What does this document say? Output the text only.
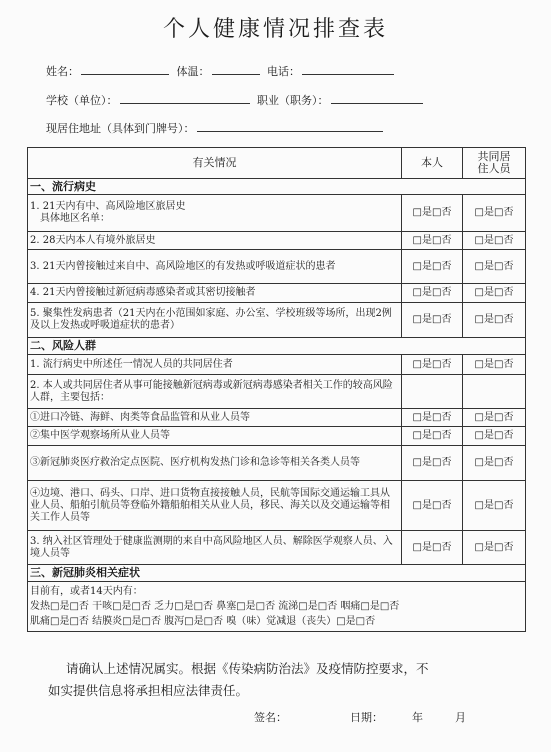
个人健康情况排查表
姓名：	体温：	电话：
学校（单位）：	职业（职务）：
现居住地址（具体到门牌号）：
有关情况	本人	共同居
住人员

一、流行病史		

1. 21天内有中、高风险地区旅居史
具体地区名单：	□是□否	□是□否
2. 28天内本人有境外旅居史	□是□否	□是□否
3. 21天内曾接触过来自中、高风险地区的有发热或呼吸道症状的患者	□是□否	□是□否
4. 21天内曾接触过新冠病毒感染者或其密切接触者	□是□否	□是□否
5. 聚集性发病患者（21天内在小范围如家庭、办公室、学校班级等场所，出现2例及以上发热或呼吸道症状的患者）	□是□否	□是□否
二、风险人群		
1. 流行病史中所述任一情况人员的共同居住者	□是□否	□是□否
2. 本人或共同居住者从事可能接触新冠病毒或新冠病毒感染者相关工作的较高风险人群，主要包括：		
①进口冷链、海鲜、肉类等食品监管和从业人员等	□是□否	□是□否
②集中医学观察场所从业人员等	□是□否	□是□否
③新冠肺炎医疗救治定点医院、医疗机构发热门诊和急诊等相关各类人员等	□是□否	□是□否
④边境、港口、码头、口岸、进口货物直接接触人员，民航等国际交通运输工具从业人员、船舶引航员等登临外籍船舶相关从业人员，移民、海关以及交通运输等相关工作人员等	□是□否	□是□否
3. 纳入社区管理处于健康监测期的来自中高风险地区人员、解除医学观察人员、入境人员等	□是□否	□是□否
三、新冠肺炎相关症状		

目前有，或者14天内有：
发热□是□否 干咳□是□否 乏力□是□否 鼻塞□是□否 流涕□是□否 咽痛□是□否
肌痛□是□否 结膜炎□是□否 腹泻□是□否 嗅（味）觉减退（丧失）□是□否		
请确认上述情况属实。根据《传染病防治法》及疫情防控要求，不
如实提供信息将承担相应法律责任。
签名：	日期：	年	月
